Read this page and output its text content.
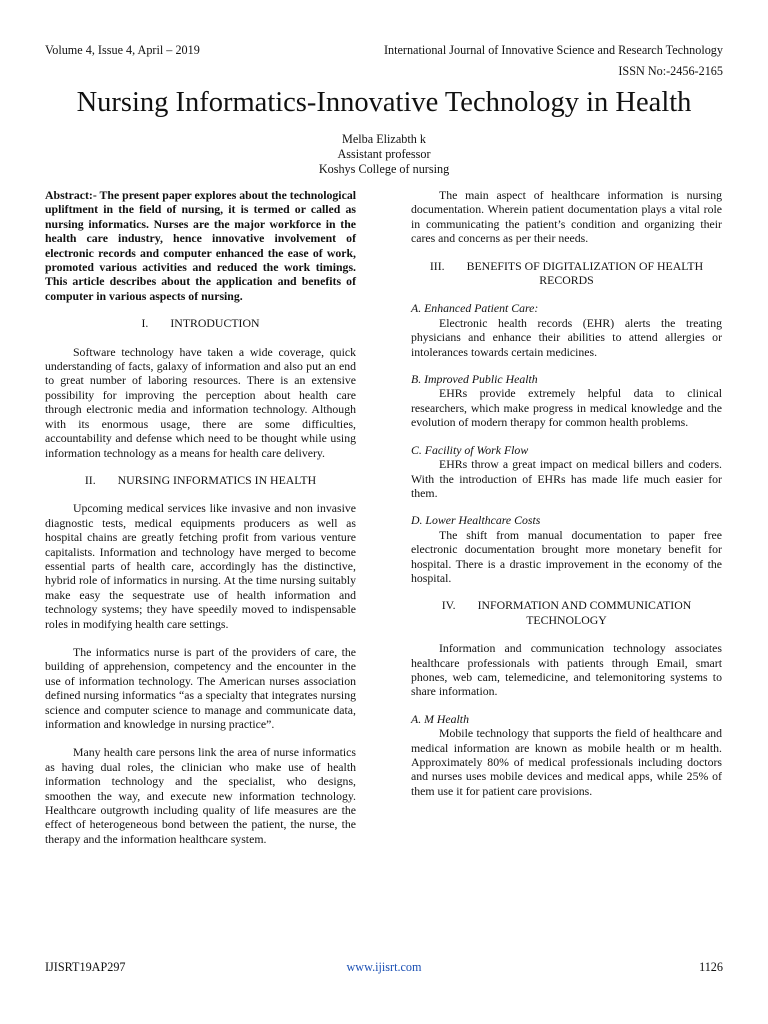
Volume 4, Issue 4, April – 2019	International Journal of Innovative Science and Research Technology
ISSN No:-2456-2165
Nursing Informatics-Innovative Technology in Health
Melba Elizabth k
Assistant professor
Koshys College of nursing

Abstract:- The present paper explores about the technological upliftment in the field of nursing, it is termed or called as nursing informatics. Nurses are the major workforce in the health care industry, hence innovative involvement of electronic records and computer enhanced the ease of work, promoted various activities and reduced the work timings. This article describes about the application and benefits of computer in various aspects of nursing.

I. INTRODUCTION

Software technology have taken a wide coverage, quick understanding of facts, galaxy of information and also put an end to great number of laboring resources. There is an extensive possibility for improving the perception about health care through electronic media and information technology. Although with its enormous usage, there are some difficulties, accountability and defense which need to be thought while using information technology as a means for health care delivery.

II. NURSING INFORMATICS IN HEALTH

Upcoming medical services like invasive and non invasive diagnostic tests, medical equipments producers as well as hospital chains are greatly fetching profit from various venture capitalists. Information and technology have merged to become essential parts of health care, accordingly has the distinctive, hybrid role of informatics in nursing. At the time nursing suitably make easy the sequestrate use of health information and technology systems; they have speedily moved to indispensable roles in modifying health care settings.

The informatics nurse is part of the providers of care, the building of apprehension, competency and the encounter in the use of information technology. The American nurses association defined nursing informatics “as a specialty that integrates nursing science and computer science to manage and communicate data, information and knowledge in nursing practice”.

Many health care persons link the area of nurse informatics as having dual roles, the clinician who make use of health information technology and the specialist, who designs, smoothen the way, and execute new information technology. Healthcare outgrowth including quality of life measures are the effect of heterogeneous bond between the patient, the nurse, the therapy and the information healthcare system.

The main aspect of healthcare information is nursing documentation. Wherein patient documentation plays a vital role in communicating the patient’s condition and organizing their cares and concerns as per their needs.

III. BENEFITS OF DIGITALIZATION OF HEALTH RECORDS
A. Enhanced Patient Care:

Electronic health records (EHR) alerts the treating physicians and enhance their abilities to attend allergies or intolerances towards certain medicines.

B. Improved Public Health

EHRs provide extremely helpful data to clinical researchers, which make progress in medical knowledge and the evolution of modern therapy for common health problems.

C. Facility of Work Flow

EHRs throw a great impact on medical billers and coders. With the introduction of EHRs has made life much easier for them.

D. Lower Healthcare Costs

The shift from manual documentation to paper free electronic documentation brought more monetary benefit for hospital. There is a drastic improvement in the economy of the hospital.

IV. INFORMATION AND COMMUNICATION TECHNOLOGY

Information and communication technology associates healthcare professionals with patients through Email, smart phones, web cam, telemedicine, and telemonitoring systems to share information.

A. M Health

Mobile technology that supports the field of healthcare and medical information are known as mobile health or m health. Approximately 80% of medical professionals including doctors and nurses uses mobile devices and medical apps, while 25% of them use it for patient care provisions.

IJISRT19AP297	www.ijisrt.com	1126
